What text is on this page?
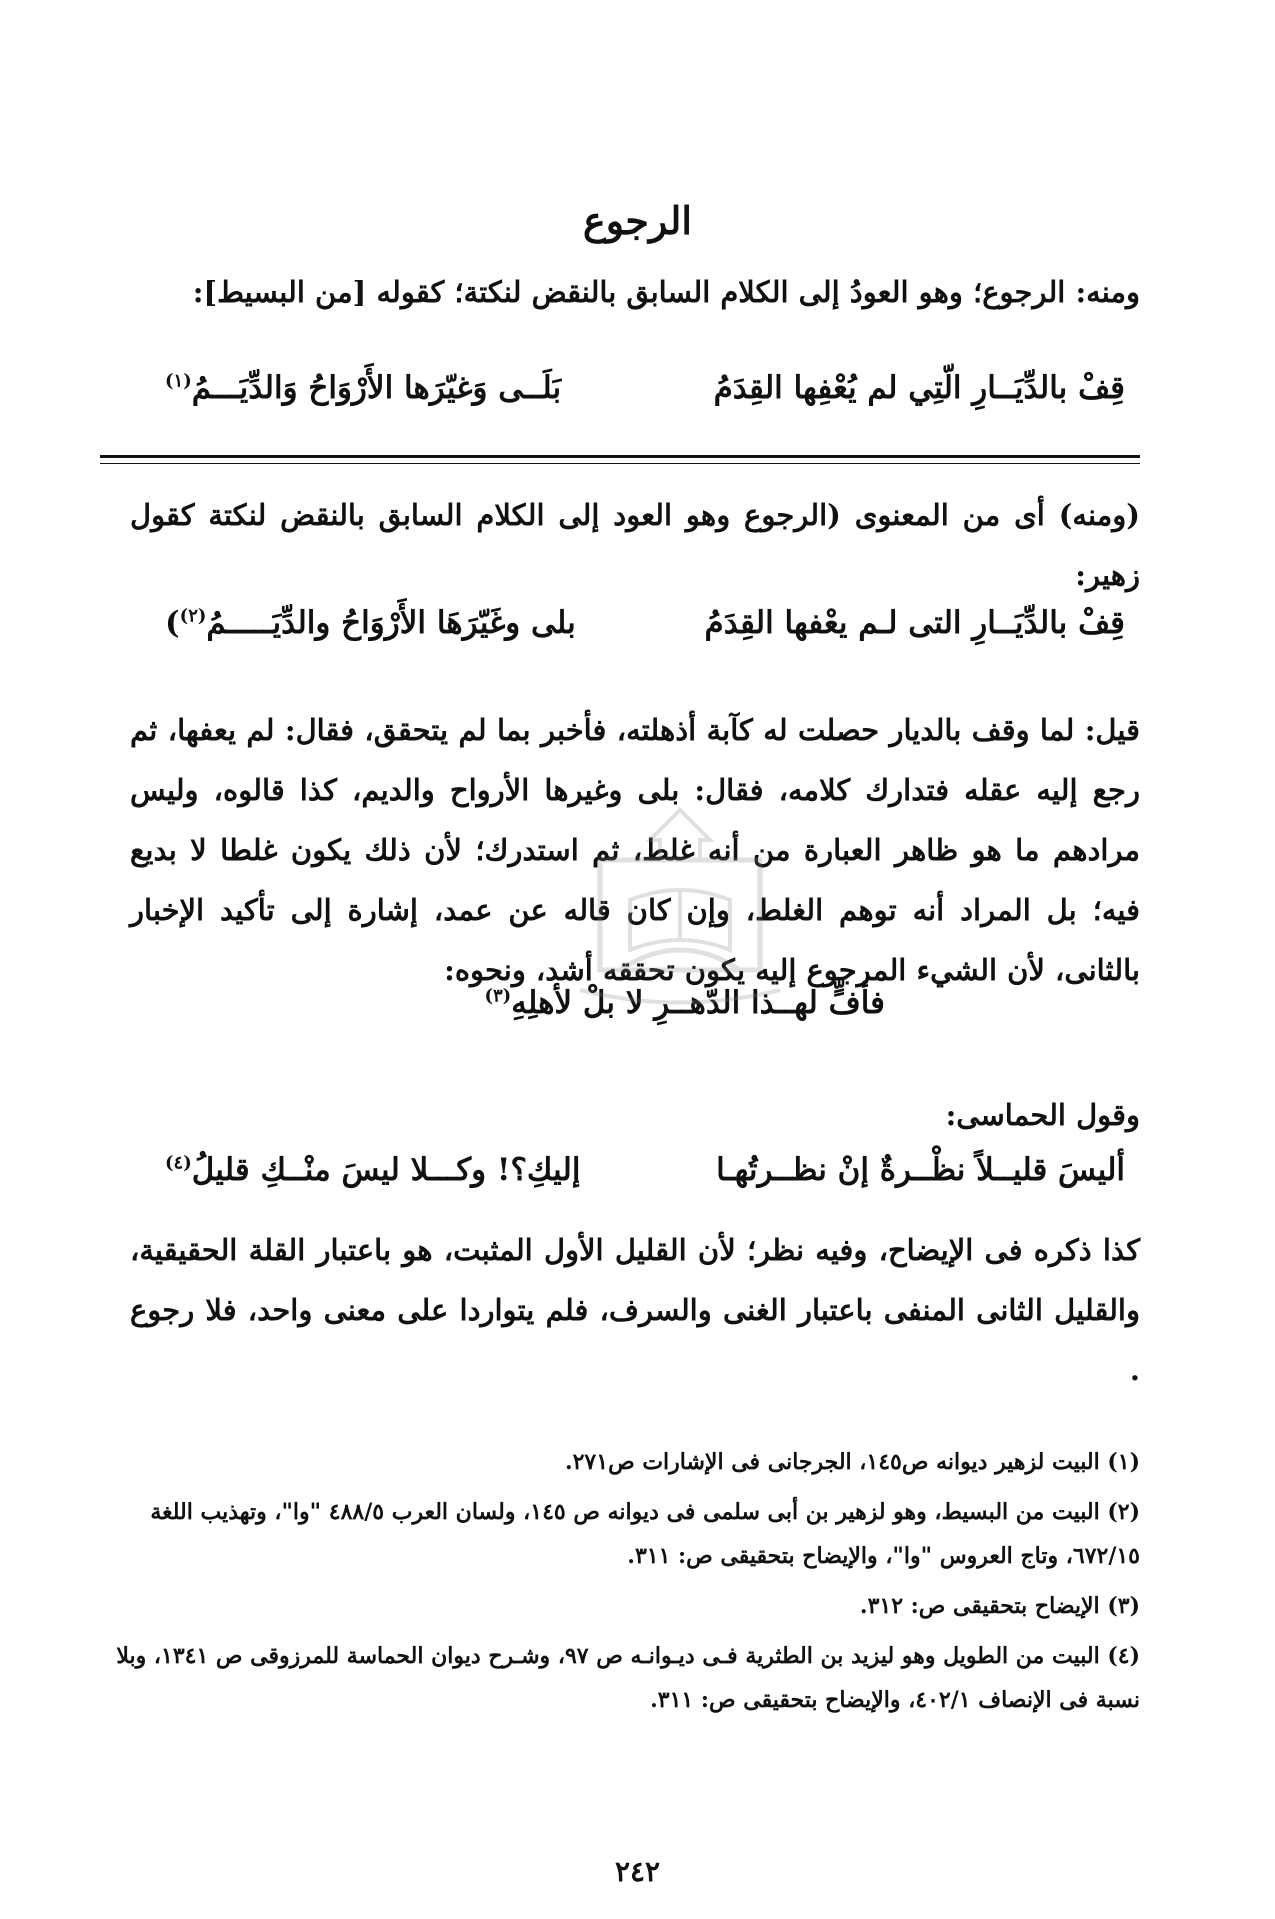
الرجوع
ومنه: الرجوع؛ وهو العودُ إلى الكلام السابق بالنقض لنكتة؛ كقوله [من البسيط]:
قِفْ بالدِّيَــارِ الّتِي لم يُعْفِها القِدَمُ
بَلَــى وَغيّرَها الأَرْوَاحُ وَالدِّيَـــمُ$^{(١)}$
(ومنه) أى من المعنوى (الرجوع وهو العود إلى الكلام السابق بالنقض لنكتة كقول زهير:
قِفْ بالدِّيَــارِ التى لـم يعْفها القِدَمُ
بلى وغَيّرَهَا الأَرْوَاحُ والدِّيَـــــمُ$^{(٢)}$)
قيل: لما وقف بالديار حصلت له كآبة أذهلته، فأخبر بما لم يتحقق، فقال: لم يعفها، ثم رجع إليه عقله فتدارك كلامه، فقال: بلى وغيرها الأرواح والديم، كذا قالوه، وليس مرادهم ما هو ظاهر العبارة من أنه غلط، ثم استدرك؛ لأن ذلك يكون غلطا لا بديع فيه؛ بل المراد أنه توهم الغلط، وإن كان قاله عن عمد، إشارة إلى تأكيد الإخبار بالثانى، لأن الشيء المرجوع إليه يكون تحققه أشد، ونحوه:
فأفٍّ لهــذا الدّهــرِ لا بلْ لأهلِهِ$^{(٣)}$
وقول الحماسى:
أليسَ قليــلاً نظْــرةٌ إنْ نظــرتُهـا
إليكِ؟! وكـــلا ليسَ منْــكِ قليلُ$^{(٤)}$
كذا ذكره فى الإيضاح، وفيه نظر؛ لأن القليل الأول المثبت، هو باعتبار القلة الحقيقية، والقليل الثانى المنفى باعتبار الغنى والسرف، فلم يتواردا على معنى واحد، فلا رجوع .
(١) البيت لزهير ديوانه ص١٤٥، الجرجانى فى الإشارات ص٢٧١.
(٢) البيت من البسيط، وهو لزهير بن أبى سلمى فى ديوانه ص ١٤٥، ولسان العرب ٤٨٨/٥ "وا"، وتهذيب اللغة ٦٧٢/١٥، وتاج العروس "وا"، والإيضاح بتحقيقى ص: ٣١١.
(٣) الإيضاح بتحقيقى ص: ٣١٢.
(٤) البيت من الطويل وهو ليزيد بن الطثرية فـى ديـوانـه ص ٩٧، وشـرح ديوان الحماسة للمرزوقى ص ١٣٤١، وبلا نسبة فى الإنصاف ٤٠٢/١، والإيضاح بتحقيقى ص: ٣١١.
٢٤٢
